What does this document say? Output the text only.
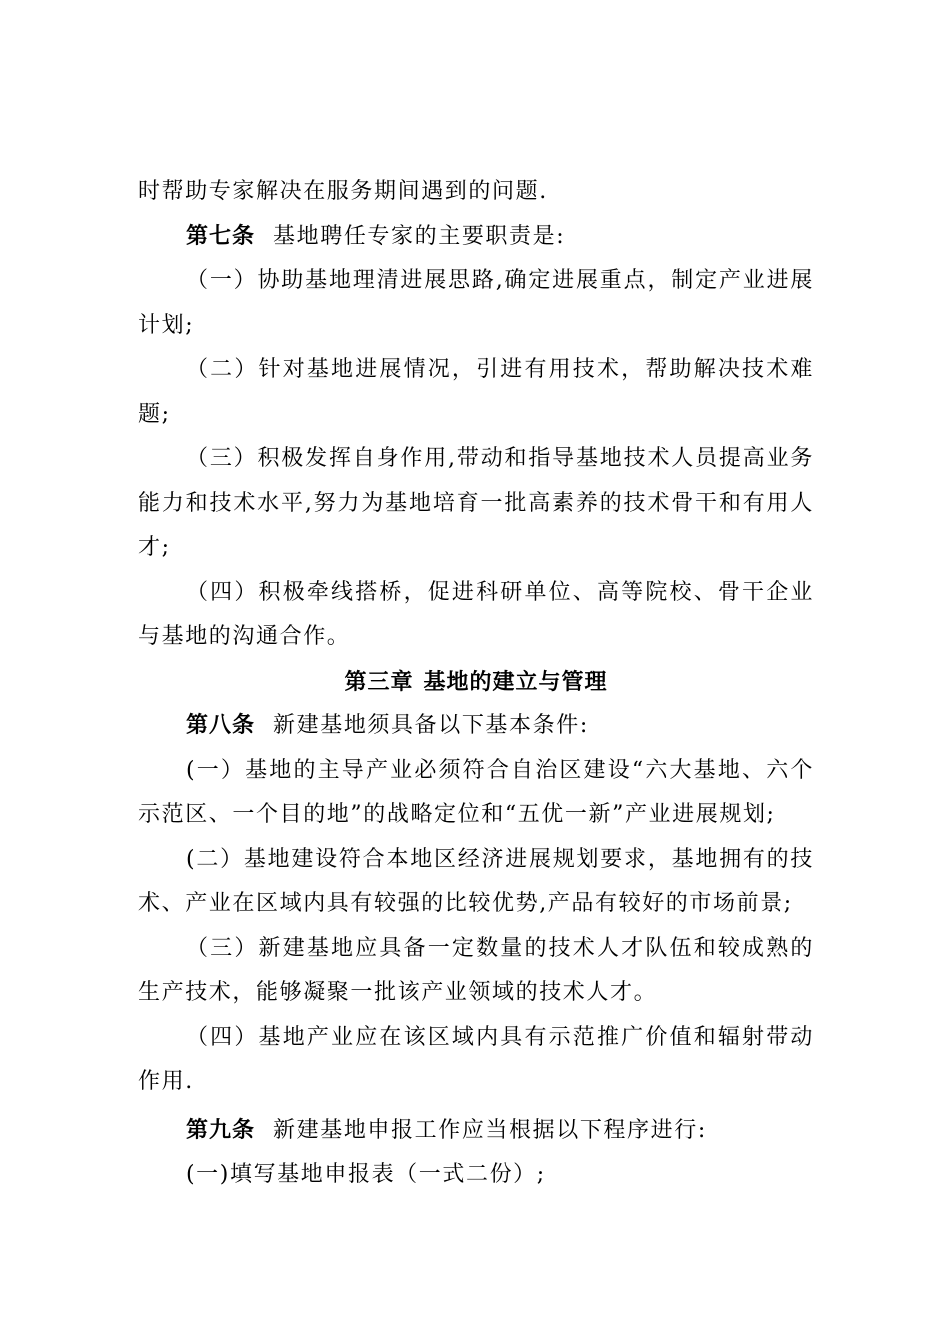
时帮助专家解决在服务期间遇到的问题.

第七条 基地聘任专家的主要职责是:

（一）协助基地理清进展思路,确定进展重点，制定产业进展计划;

（二）针对基地进展情况，引进有用技术，帮助解决技术难题;

（三）积极发挥自身作用,带动和指导基地技术人员提高业务能力和技术水平,努力为基地培育一批高素养的技术骨干和有用人才;

（四）积极牵线搭桥，促进科研单位、高等院校、骨干企业与基地的沟通合作。

第三章 基地的建立与管理

第八条 新建基地须具备以下基本条件:

(一）基地的主导产业必须符合自治区建设“六大基地、六个示范区、一个目的地”的战略定位和“五优一新”产业进展规划;

(二）基地建设符合本地区经济进展规划要求，基地拥有的技术、产业在区域内具有较强的比较优势,产品有较好的市场前景;

（三）新建基地应具备一定数量的技术人才队伍和较成熟的生产技术，能够凝聚一批该产业领域的技术人才。

（四）基地产业应在该区域内具有示范推广价值和辐射带动作用.

第九条 新建基地申报工作应当根据以下程序进行:

(一)填写基地申报表（一式二份）;
